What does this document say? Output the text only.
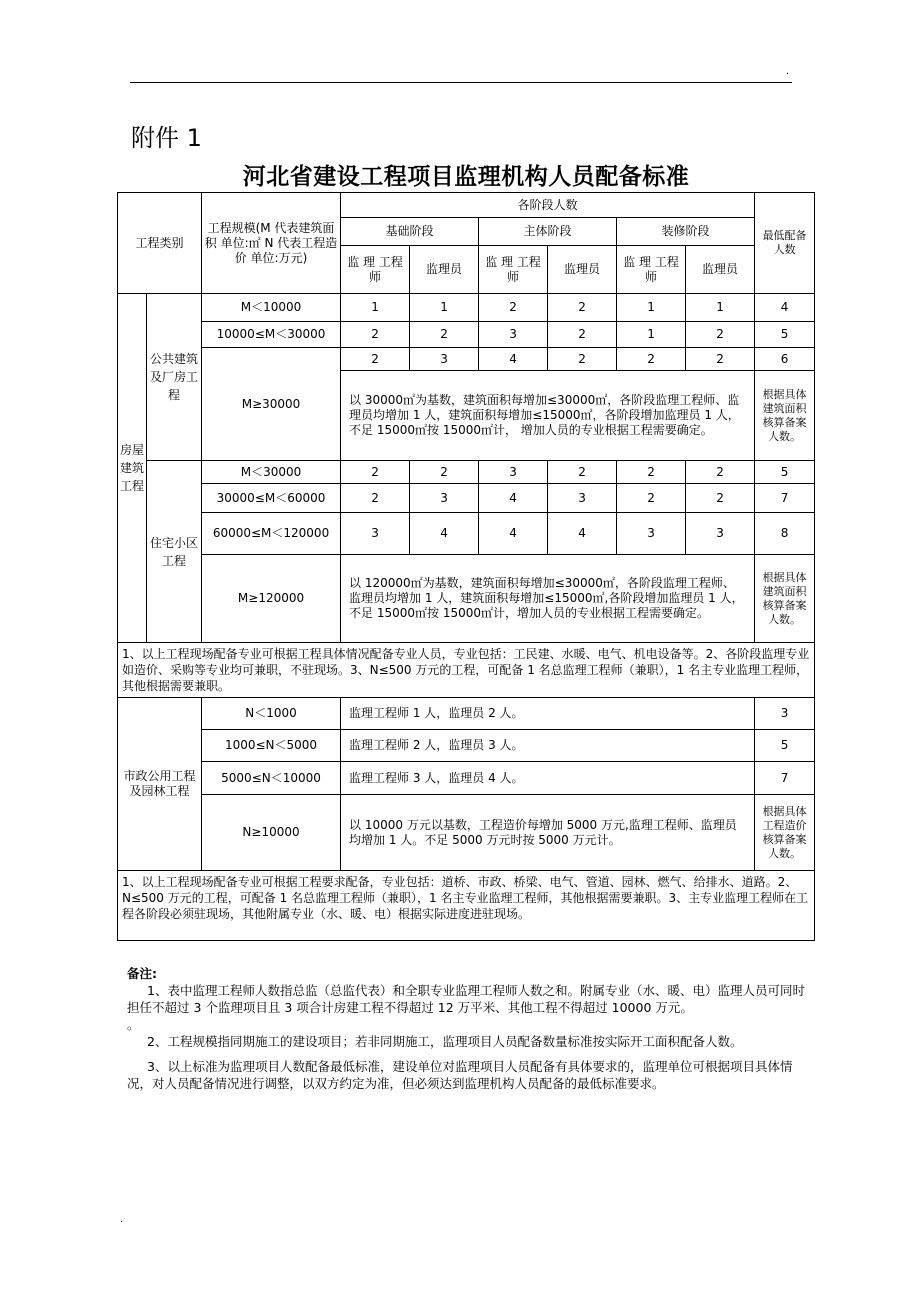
.
附件 1
河北省建设工程项目监理机构人员配备标准
工程类别		工程规模(M 代表建筑面积 单位:㎡ N 代表工程造价 单位:万元)	各阶段人数						最低配备人数
			基础阶段		主体阶段		装修阶段		
			监 理 工程师	监理员	监 理 工程师	监理员	监 理 工程师	监理员	
房屋建筑工程	公共建筑及厂房工程	M＜10000	1	1	2	2	1	1	4
		10000≤M＜30000	2	2	3	2	1	2	5
		M≥30000	2	3	4	2	2	2	6
			以 30000㎡为基数，建筑面积每增加≤30000㎡，各阶段监理工程师、监理员均增加 1 人，建筑面积每增加≤15000㎡，各阶段增加监理员 1 人，不足 15000㎡按 15000㎡计， 增加人员的专业根据工程需要确定。						根据具体建筑面积核算备案人数。
	住宅小区工程	M＜30000	2	2	3	2	2	2	5
		30000≤M＜60000	2	3	4	3	2	2	7
		60000≤M＜120000	3	4	4	4	3	3	8
		M≥120000	以 120000㎡为基数，建筑面积每增加≤30000㎡，各阶段监理工程师、监理员均增加 1 人，建筑面积每增加≤15000㎡,各阶段增加监理员 1 人，不足 15000㎡按 15000㎡计，增加人员的专业根据工程需要确定。						根据具体建筑面积核算备案人数。
1、以上工程现场配备专业可根据工程具体情况配备专业人员，专业包括：工民建、水暖、电气、机电设备等。2、各阶段监理专业如造价、采购等专业均可兼职，不驻现场。3、N≤500 万元的工程，可配备 1 名总监理工程师（兼职），1 名主专业监理工程师，其他根据需要兼职。									
市政公用工程及园林工程		N＜1000	监理工程师 1 人，监理员 2 人。						3
		1000≤N＜5000	监理工程师 2 人，监理员 3 人。						5
		5000≤N＜10000	监理工程师 3 人，监理员 4 人。						7
		N≥10000	以 10000 万元以基数，工程造价每增加 5000 万元,监理工程师、监理员均增加 1 人。不足 5000 万元时按 5000 万元计。						根据具体工程造价核算备案人数。
1、以上工程现场配备专业可根据工程要求配备，专业包括：道桥、市政、桥梁、电气、管道、园林、燃气、给排水、道路。2、N≤500 万元的工程，可配备 1 名总监理工程师（兼职），1 名主专业监理工程师，其他根据需要兼职。3、主专业监理工程师在工程各阶段必须驻现场，其他附属专业（水、暖、电）根据实际进度进驻现场。									
备注:

1、表中监理工程师人数指总监（总监代表）和全职专业监理工程师人数之和。附属专业（水、暖、电）监理人员可同时担任不超过 3 个监理项目且 3 项合计房建工程不得超过 12 万平米、其他工程不得超过 10000 万元。

。

2、工程规模指同期施工的建设项目；若非同期施工，监理项目人员配备数量标准按实际开工面积配备人数。

3、以上标准为监理项目人数配备最低标准，建设单位对监理项目人员配备有具体要求的，监理单位可根据项目具体情况，对人员配备情况进行调整，以双方约定为准，但必须达到监理机构人员配备的最低标准要求。

.
